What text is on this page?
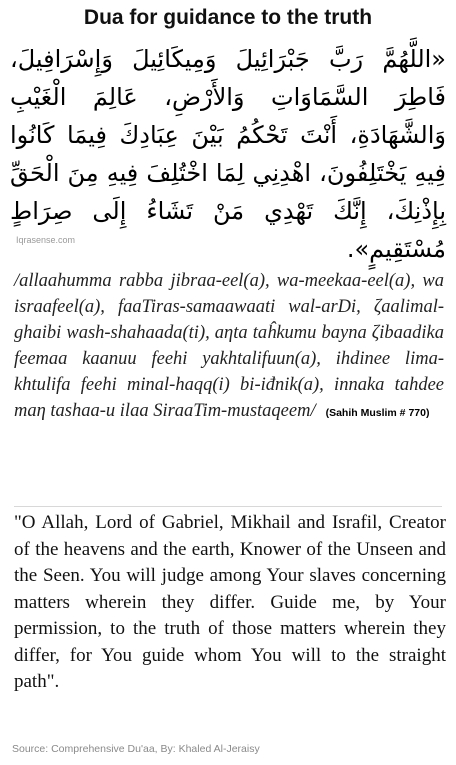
Dua for guidance to the truth

«اللَّهُمَّ رَبَّ جَبْرَائِيلَ وَمِيكَائِيلَ وَإِسْرَافِيلَ، فَاطِرَ السَّمَاوَاتِ وَالأَرْضِ، عَالِمَ الْغَيْبِ وَالشَّهَادَةِ، أَنْتَ تَحْكُمُ بَيْنَ عِبَادِكَ فِيمَا كَانُوا فِيهِ يَخْتَلِفُونَ، اهْدِنِي لِمَا اخْتُلِفَ فِيهِ مِنَ الْحَقِّ بِإِذْنِكَ، إِنَّكَ تَهْدِي مَنْ تَشَاءُ إِلَى صِرَاطٍ مُسْتَقِيمٍ».

Iqrasense.com

/allaahumma rabba jibraa-eel(a), wa-meekaa-eel(a), wa israafeel(a), faaTiras-samaawaati wal-arDi, ζaalimal-ghaibi wash-shahaada(ti), aηta taĥkumu bayna ζibaadika feemaa kaanuu feehi yakhtalifuun(a), ihdinee lima-khtulifa feehi minal-haqq(i) bi-iđnik(a), innaka tahdee maη tashaa-u ilaa SiraaTim-mustaqeem/ (Sahih Muslim # 770)

"O Allah, Lord of Gabriel, Mikhail and Israfil, Creator of the heavens and the earth, Knower of the Unseen and the Seen. You will judge among Your slaves concerning matters wherein they differ. Guide me, by Your permission, to the truth of those matters wherein they differ, for You guide whom You will to the straight path".

Source: Comprehensive Du'aa, By: Khaled Al-Jeraisy
